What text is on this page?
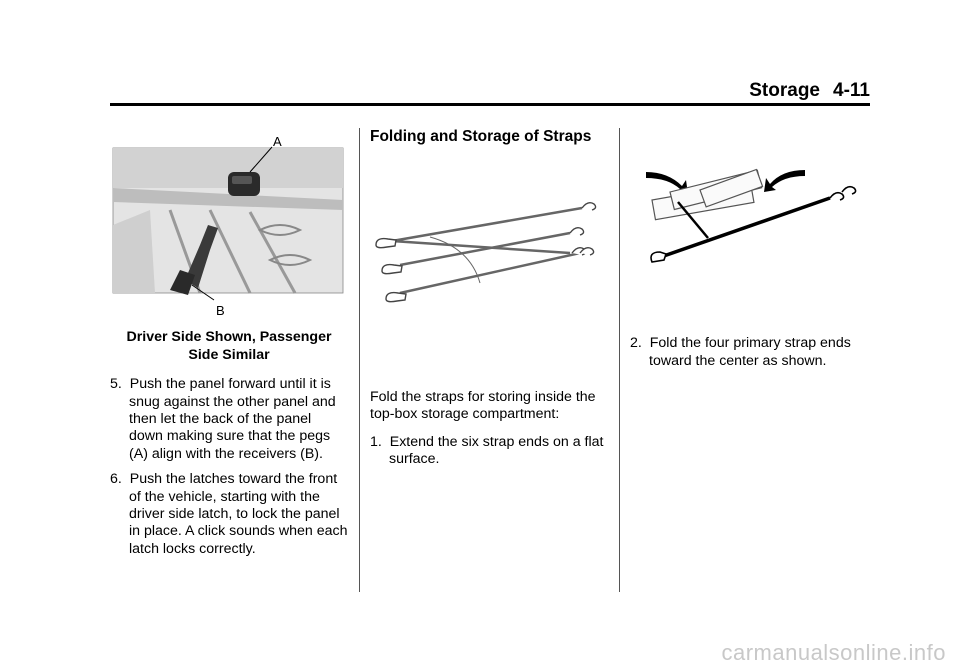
Storage 4-11
A
B
Driver Side Shown, Passenger
Side Similar
5. Push the panel forward until it is snug against the other panel and then let the back of the panel down making sure that the pegs (A) align with the receivers (B).
6. Push the latches toward the front of the vehicle, starting with the driver side latch, to lock the panel in place. A click sounds when each latch locks correctly.
Folding and Storage of Straps

Fold the straps for storing inside the top-box storage compartment:

1. Extend the six strap ends on a flat surface.
2. Fold the four primary strap ends toward the center as shown.
carmanualsonline.info
